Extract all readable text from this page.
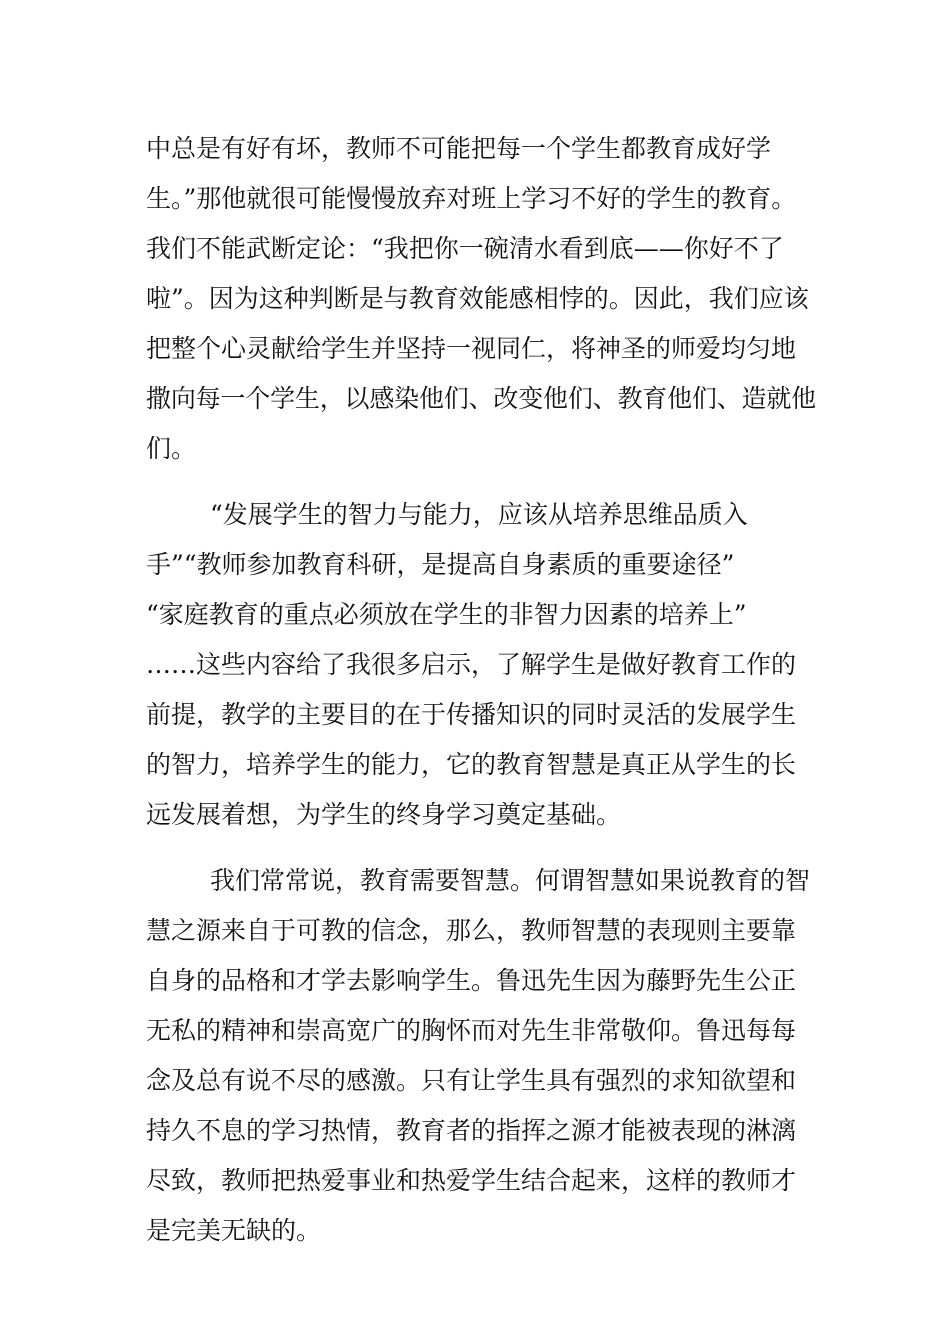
中总是有好有坏，教师不可能把每一个学生都教育成好学
生。”那他就很可能慢慢放弃对班上学习不好的学生的教育。
我们不能武断定论：“我把你一碗清水看到底——你好不了
啦”。因为这种判断是与教育效能感相悖的。因此，我们应该
把整个心灵献给学生并坚持一视同仁，将神圣的师爱均匀地
撒向每一个学生，以感染他们、改变他们、教育他们、造就他
们。
“发展学生的智力与能力，应该从培养思维品质入
手”“教师参加教育科研，是提高自身素质的重要途径”
“家庭教育的重点必须放在学生的非智力因素的培养上”
……这些内容给了我很多启示，了解学生是做好教育工作的
前提，教学的主要目的在于传播知识的同时灵活的发展学生
的智力，培养学生的能力，它的教育智慧是真正从学生的长
远发展着想，为学生的终身学习奠定基础。
我们常常说，教育需要智慧。何谓智慧如果说教育的智
慧之源来自于可教的信念，那么，教师智慧的表现则主要靠
自身的品格和才学去影响学生。鲁迅先生因为藤野先生公正
无私的精神和崇高宽广的胸怀而对先生非常敬仰。鲁迅每每
念及总有说不尽的感激。只有让学生具有强烈的求知欲望和
持久不息的学习热情，教育者的指挥之源才能被表现的淋漓
尽致，教师把热爱事业和热爱学生结合起来，这样的教师才
是完美无缺的。
